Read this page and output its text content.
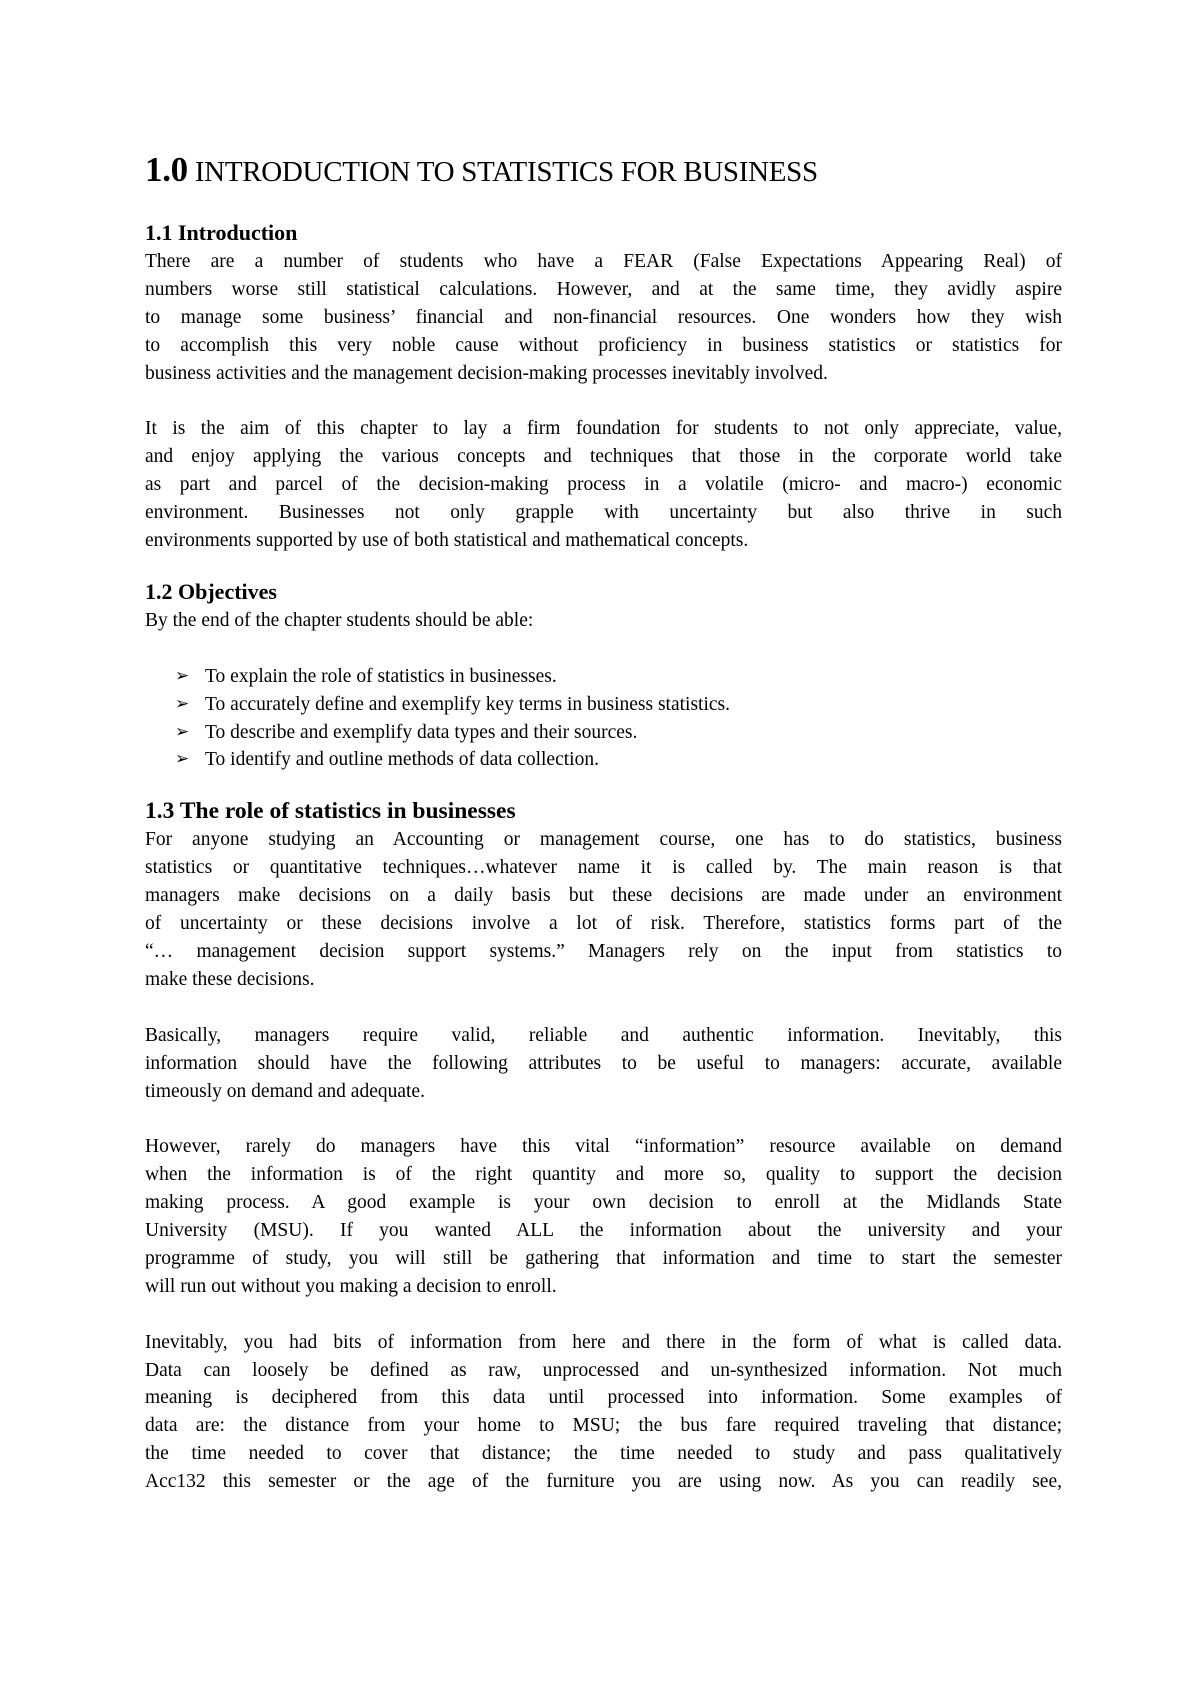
1.0 INTRODUCTION TO STATISTICS FOR BUSINESS
1.1 Introduction

There are a number of students who have a FEAR (False Expectations Appearing Real) of
numbers worse still statistical calculations. However, and at the same time, they avidly aspire
to manage some business’ financial and non-financial resources. One wonders how they wish
to accomplish this very noble cause without proficiency in business statistics or statistics for
business activities and the management decision-making processes inevitably involved.

It is the aim of this chapter to lay a firm foundation for students to not only appreciate, value,
and enjoy applying the various concepts and techniques that those in the corporate world take
as part and parcel of the decision-making process in a volatile (micro- and macro-) economic
environment. Businesses not only grapple with uncertainty but also thrive in such
environments supported by use of both statistical and mathematical concepts.

1.2 Objectives

By the end of the chapter students should be able:

➢ To explain the role of statistics in businesses.
➢ To accurately define and exemplify key terms in business statistics.
➢ To describe and exemplify data types and their sources.
➢ To identify and outline methods of data collection.
1.3 The role of statistics in businesses

For anyone studying an Accounting or management course, one has to do statistics, business
statistics or quantitative techniques…whatever name it is called by. The main reason is that
managers make decisions on a daily basis but these decisions are made under an environment
of uncertainty or these decisions involve a lot of risk. Therefore, statistics forms part of the
“… management decision support systems.” Managers rely on the input from statistics to
make these decisions.

Basically, managers require valid, reliable and authentic information. Inevitably, this
information should have the following attributes to be useful to managers: accurate, available
timeously on demand and adequate.

However, rarely do managers have this vital “information” resource available on demand
when the information is of the right quantity and more so, quality to support the decision
making process. A good example is your own decision to enroll at the Midlands State
University (MSU). If you wanted ALL the information about the university and your
programme of study, you will still be gathering that information and time to start the semester
will run out without you making a decision to enroll.

Inevitably, you had bits of information from here and there in the form of what is called data.
Data can loosely be defined as raw, unprocessed and un-synthesized information. Not much
meaning is deciphered from this data until processed into information. Some examples of
data are: the distance from your home to MSU; the bus fare required traveling that distance;
the time needed to cover that distance; the time needed to study and pass qualitatively
Acc132 this semester or the age of the furniture you are using now. As you can readily see,
